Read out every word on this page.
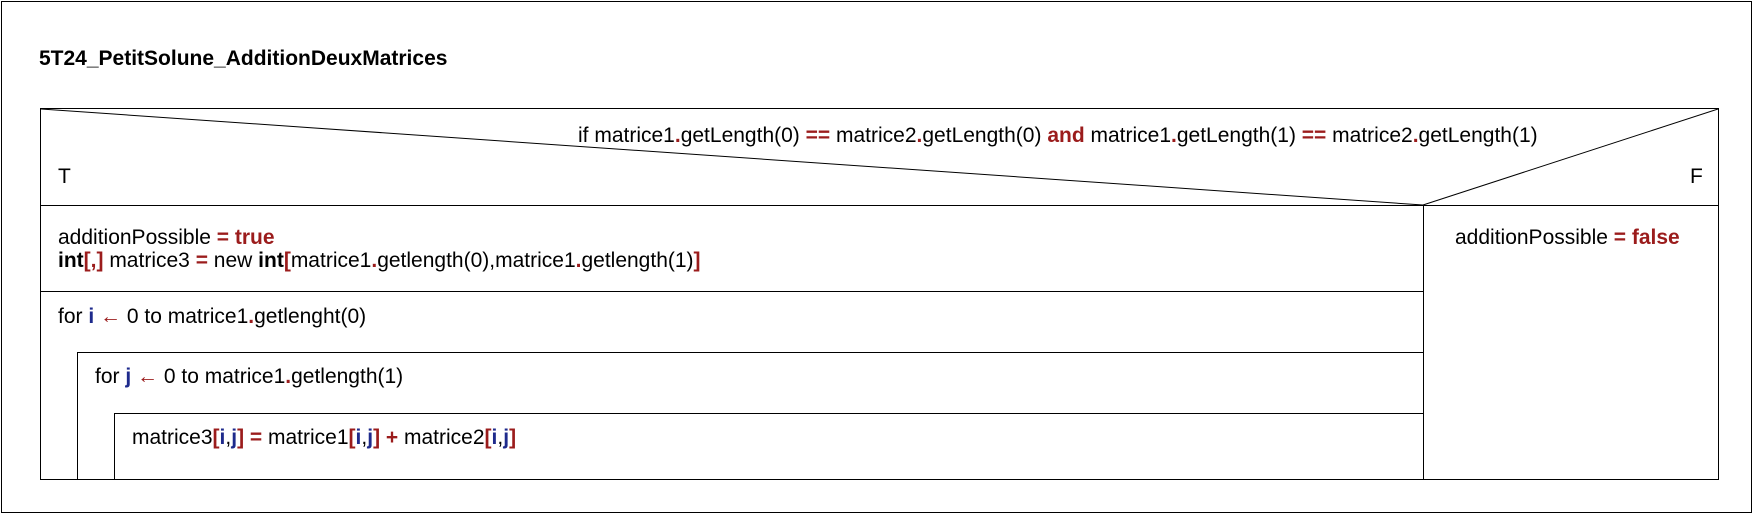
5T24_PetitSolune_AdditionDeuxMatrices
if matrice1.getLength(0) == matrice2.getLength(0) and matrice1.getLength(1) == matrice2.getLength(1)
T	F
additionPossible = true
int[,] matrice3 = new int[matrice1.getlength(0),matrice1.getlength(1)]
for i ← 0 to matrice1.getlenght(0)
for j ← 0 to matrice1.getlength(1)
matrice3[i,j] = matrice1[i,j] + matrice2[i,j]
additionPossible = false
